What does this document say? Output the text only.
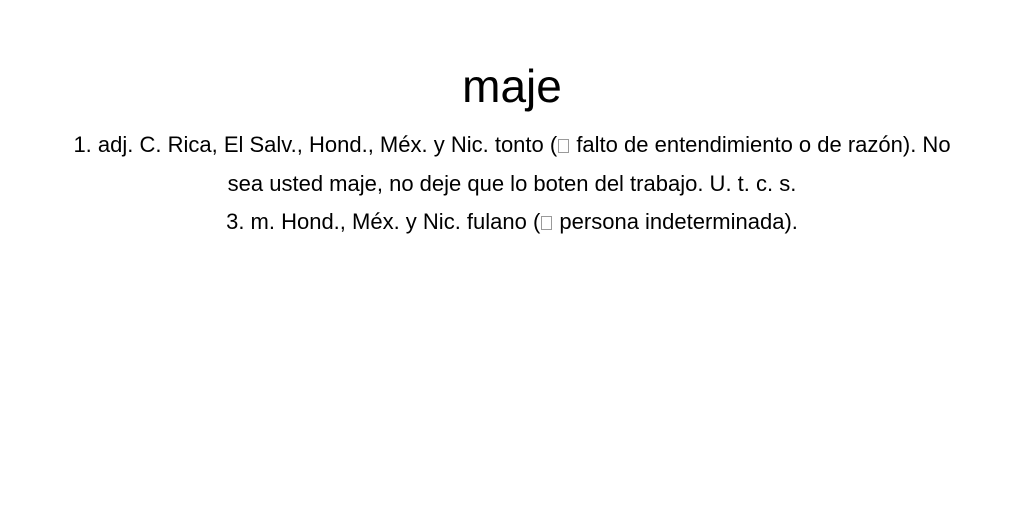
maje
1. adj. C. Rica, El Salv., Hond., Méx. y Nic. tonto ( falto de entendimiento o de razón). No sea usted maje, no deje que lo boten del trabajo. U. t. c. s.
3. m. Hond., Méx. y Nic. fulano ( persona indeterminada).
